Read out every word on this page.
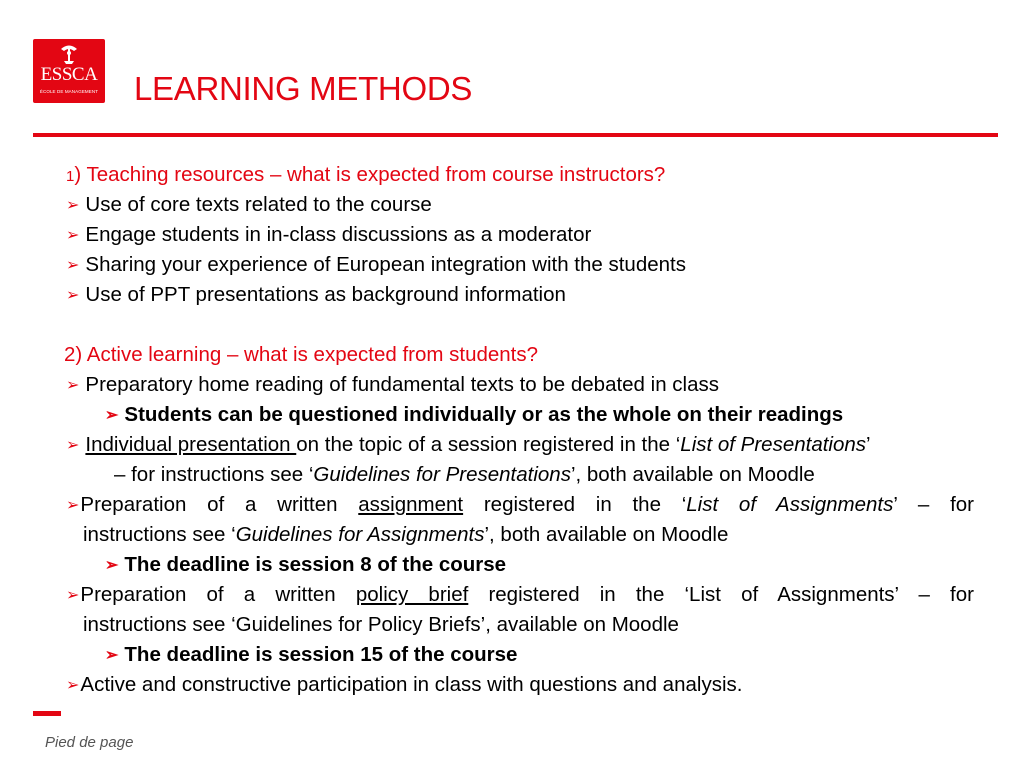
ESSCA
ÉCOLE DE MANAGEMENT LEARNING METHODS
1) Teaching resources – what is expected from course instructors?
➢ Use of core texts related to the course
➢ Engage students in in-class discussions as a moderator
➢ Sharing your experience of European integration with the students
➢ Use of PPT presentations as background information
2) Active learning – what is expected from students?
➢ Preparatory home reading of fundamental texts to be debated in class
➢ Students can be questioned individually or as the whole on their readings
➢ Individual presentation on the topic of a session registered in the ‘List of Presentations’
– for instructions see ‘Guidelines for Presentations’, both available on Moodle
➢Preparation of a written assignment registered in the ‘List of Assignments’ – for
instructions see ‘Guidelines for Assignments’, both available on Moodle
➢ The deadline is session 8 of the course
➢Preparation of a written policy brief registered in the ‘List of Assignments’ – for
instructions see ‘Guidelines for Policy Briefs’, available on Moodle
➢ The deadline is session 15 of the course
➢Active and constructive participation in class with questions and analysis.
Pied de page
